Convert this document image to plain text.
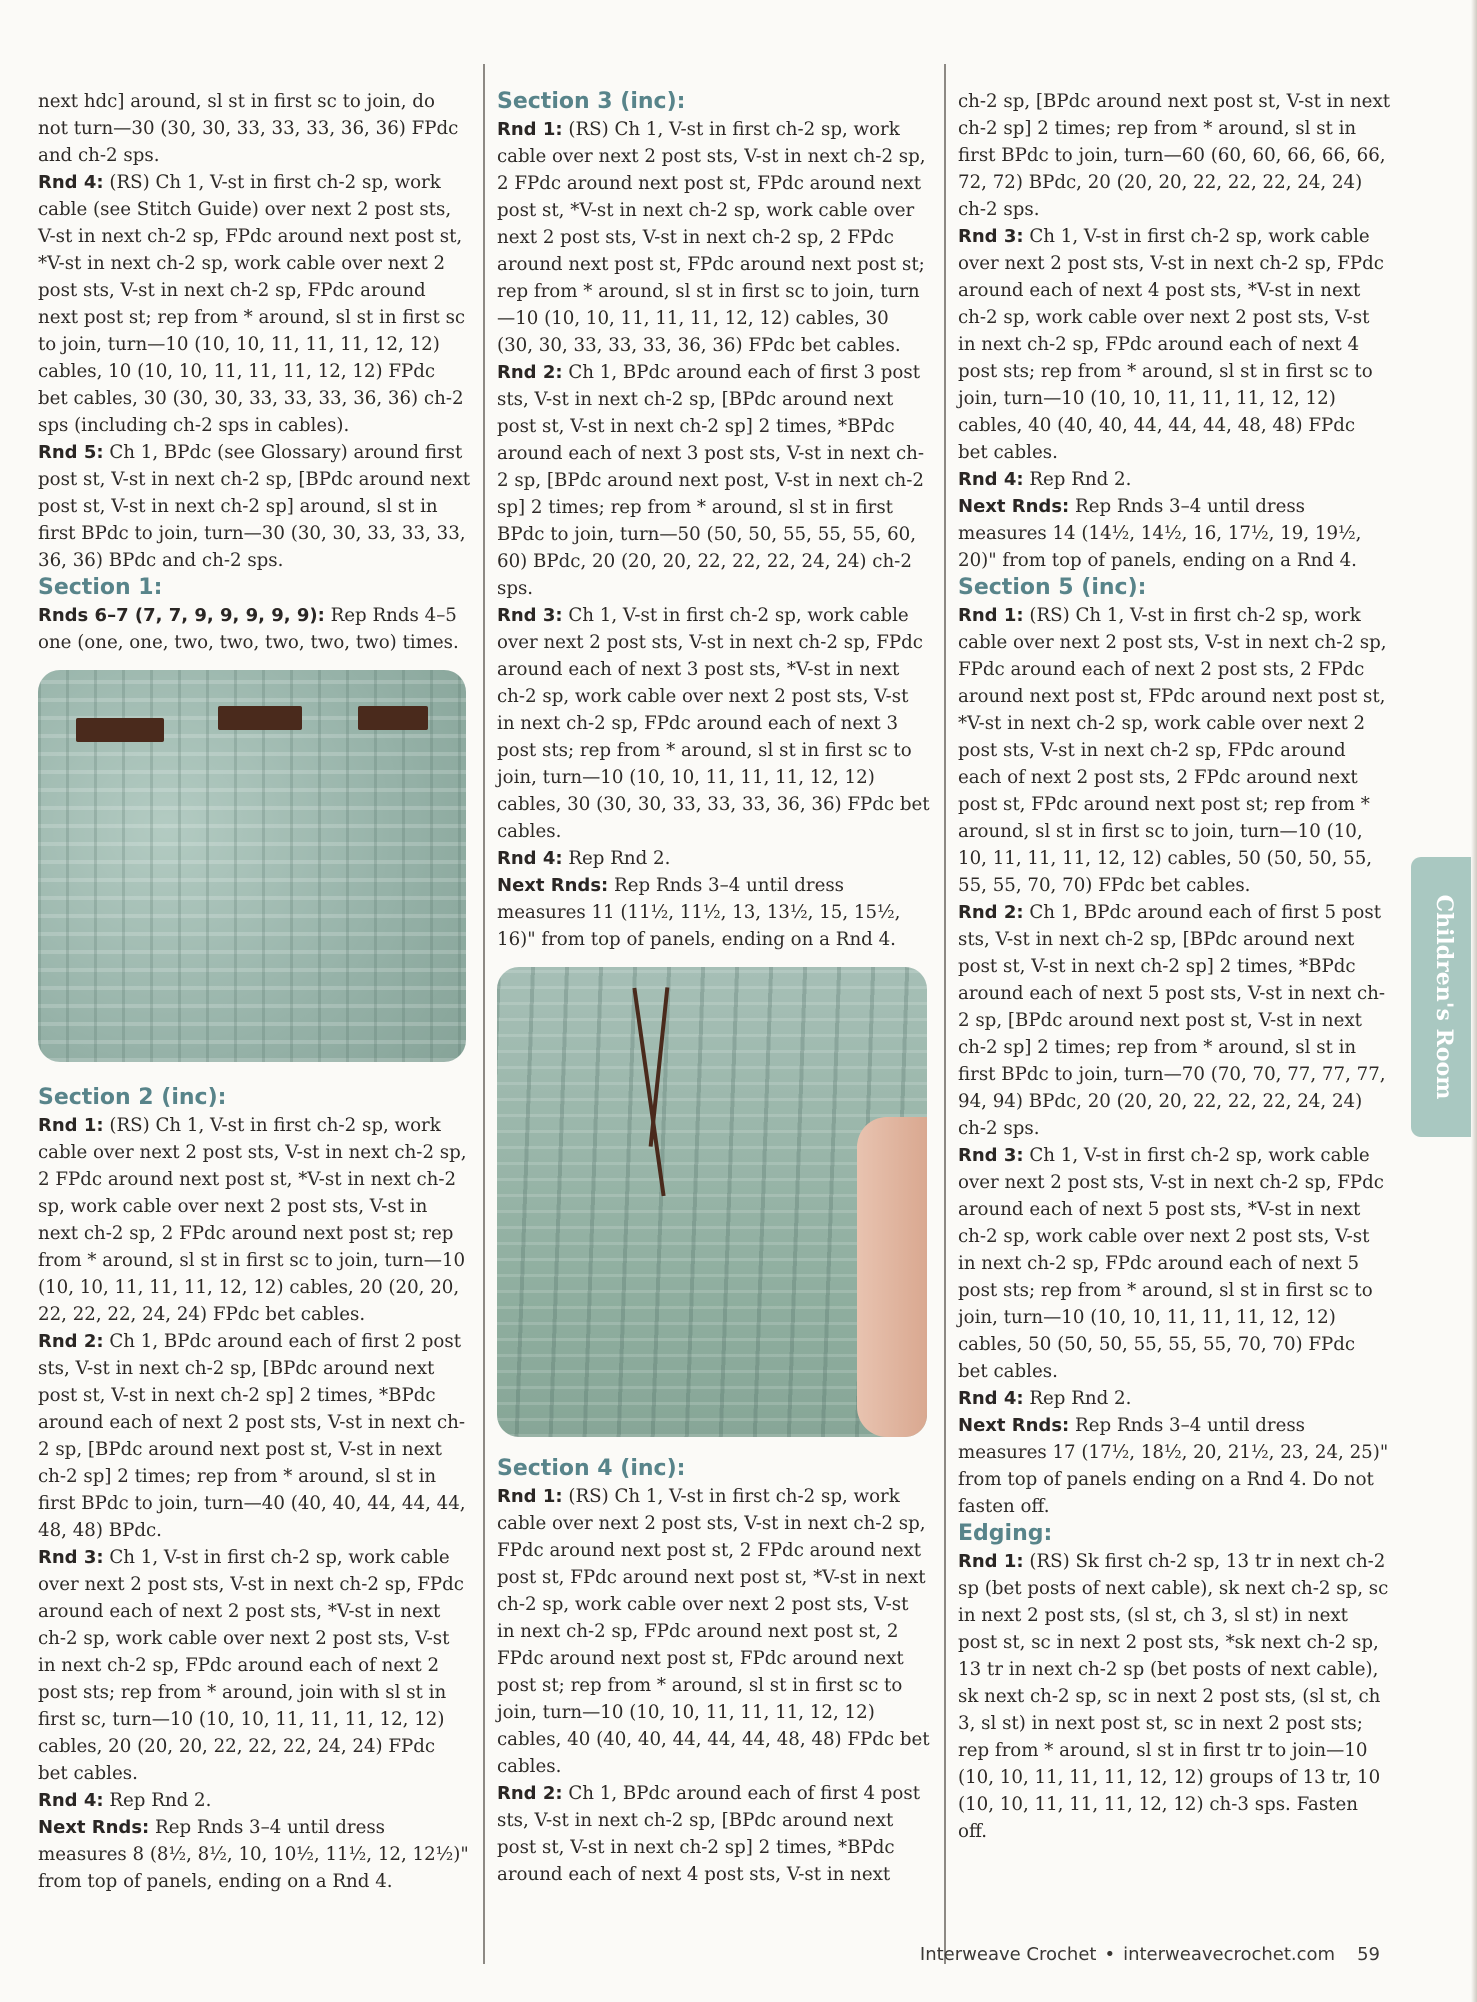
next hdc] around, sl st in first sc to join, do not turn—30 (30, 30, 33, 33, 33, 36, 36) FPdc and ch-2 sps.

Rnd 4: (RS) Ch 1, V-st in first ch-2 sp, work cable (see Stitch Guide) over next 2 post sts, V-st in next ch-2 sp, FPdc around next post st, *V-st in next ch-2 sp, work cable over next 2 post sts, V-st in next ch-2 sp, FPdc around next post st; rep from * around, sl st in first sc to join, turn—10 (10, 10, 11, 11, 11, 12, 12) cables, 10 (10, 10, 11, 11, 11, 12, 12) FPdc bet cables, 30 (30, 30, 33, 33, 33, 36, 36) ch-2 sps (including ch-2 sps in cables).

Rnd 5: Ch 1, BPdc (see Glossary) around first post st, V-st in next ch-2 sp, [BPdc around next post st, V-st in next ch-2 sp] around, sl st in first BPdc to join, turn—30 (30, 30, 33, 33, 33, 36, 36) BPdc and ch-2 sps.

Section 1:

Rnds 6–7 (7, 7, 9, 9, 9, 9, 9): Rep Rnds 4–5 one (one, one, two, two, two, two, two) times.

Section 2 (inc):

Rnd 1: (RS) Ch 1, V-st in first ch-2 sp, work cable over next 2 post sts, V-st in next ch-2 sp, 2 FPdc around next post st, *V-st in next ch-2 sp, work cable over next 2 post sts, V-st in next ch-2 sp, 2 FPdc around next post st; rep from * around, sl st in first sc to join, turn—10 (10, 10, 11, 11, 11, 12, 12) cables, 20 (20, 20, 22, 22, 22, 24, 24) FPdc bet cables.

Rnd 2: Ch 1, BPdc around each of first 2 post sts, V-st in next ch-2 sp, [BPdc around next post st, V-st in next ch-2 sp] 2 times, *BPdc around each of next 2 post sts, V-st in next ch-2 sp, [BPdc around next post st, V-st in next ch-2 sp] 2 times; rep from * around, sl st in first BPdc to join, turn—40 (40, 40, 44, 44, 44, 48, 48) BPdc.

Rnd 3: Ch 1, V-st in first ch-2 sp, work cable over next 2 post sts, V-st in next ch-2 sp, FPdc around each of next 2 post sts, *V-st in next ch-2 sp, work cable over next 2 post sts, V-st in next ch-2 sp, FPdc around each of next 2 post sts; rep from * around, join with sl st in first sc, turn—10 (10, 10, 11, 11, 11, 12, 12) cables, 20 (20, 20, 22, 22, 22, 24, 24) FPdc bet cables.

Rnd 4: Rep Rnd 2.

Next Rnds: Rep Rnds 3–4 until dress measures 8 (8½, 8½, 10, 10½, 11½, 12, 12½)" from top of panels, ending on a Rnd 4.

Section 3 (inc):

Rnd 1: (RS) Ch 1, V-st in first ch-2 sp, work cable over next 2 post sts, V-st in next ch-2 sp, 2 FPdc around next post st, FPdc around next post st, *V-st in next ch-2 sp, work cable over next 2 post sts, V-st in next ch-2 sp, 2 FPdc around next post st, FPdc around next post st; rep from * around, sl st in first sc to join, turn—10 (10, 10, 11, 11, 11, 12, 12) cables, 30 (30, 30, 33, 33, 33, 36, 36) FPdc bet cables.

Rnd 2: Ch 1, BPdc around each of first 3 post sts, V-st in next ch-2 sp, [BPdc around next post st, V-st in next ch-2 sp] 2 times, *BPdc around each of next 3 post sts, V-st in next ch-2 sp, [BPdc around next post, V-st in next ch-2 sp] 2 times; rep from * around, sl st in first BPdc to join, turn—50 (50, 50, 55, 55, 55, 60, 60) BPdc, 20 (20, 20, 22, 22, 22, 24, 24) ch-2 sps.

Rnd 3: Ch 1, V-st in first ch-2 sp, work cable over next 2 post sts, V-st in next ch-2 sp, FPdc around each of next 3 post sts, *V-st in next ch-2 sp, work cable over next 2 post sts, V-st in next ch-2 sp, FPdc around each of next 3 post sts; rep from * around, sl st in first sc to join, turn—10 (10, 10, 11, 11, 11, 12, 12) cables, 30 (30, 30, 33, 33, 33, 36, 36) FPdc bet cables.

Rnd 4: Rep Rnd 2.

Next Rnds: Rep Rnds 3–4 until dress measures 11 (11½, 11½, 13, 13½, 15, 15½, 16)" from top of panels, ending on a Rnd 4.

Section 4 (inc):

Rnd 1: (RS) Ch 1, V-st in first ch-2 sp, work cable over next 2 post sts, V-st in next ch-2 sp, FPdc around next post st, 2 FPdc around next post st, FPdc around next post st, *V-st in next ch-2 sp, work cable over next 2 post sts, V-st in next ch-2 sp, FPdc around next post st, 2 FPdc around next post st, FPdc around next post st; rep from * around, sl st in first sc to join, turn—10 (10, 10, 11, 11, 11, 12, 12) cables, 40 (40, 40, 44, 44, 44, 48, 48) FPdc bet cables.

Rnd 2: Ch 1, BPdc around each of first 4 post sts, V-st in next ch-2 sp, [BPdc around next post st, V-st in next ch-2 sp] 2 times, *BPdc around each of next 4 post sts, V-st in next

ch-2 sp, [BPdc around next post st, V-st in next ch-2 sp] 2 times; rep from * around, sl st in first BPdc to join, turn—60 (60, 60, 66, 66, 66, 72, 72) BPdc, 20 (20, 20, 22, 22, 22, 24, 24) ch-2 sps.

Rnd 3: Ch 1, V-st in first ch-2 sp, work cable over next 2 post sts, V-st in next ch-2 sp, FPdc around each of next 4 post sts, *V-st in next ch-2 sp, work cable over next 2 post sts, V-st in next ch-2 sp, FPdc around each of next 4 post sts; rep from * around, sl st in first sc to join, turn—10 (10, 10, 11, 11, 11, 12, 12) cables, 40 (40, 40, 44, 44, 44, 48, 48) FPdc bet cables.

Rnd 4: Rep Rnd 2.

Next Rnds: Rep Rnds 3–4 until dress measures 14 (14½, 14½, 16, 17½, 19, 19½, 20)" from top of panels, ending on a Rnd 4.

Section 5 (inc):

Rnd 1: (RS) Ch 1, V-st in first ch-2 sp, work cable over next 2 post sts, V-st in next ch-2 sp, FPdc around each of next 2 post sts, 2 FPdc around next post st, FPdc around next post st, *V-st in next ch-2 sp, work cable over next 2 post sts, V-st in next ch-2 sp, FPdc around each of next 2 post sts, 2 FPdc around next post st, FPdc around next post st; rep from * around, sl st in first sc to join, turn—10 (10, 10, 11, 11, 11, 12, 12) cables, 50 (50, 50, 55, 55, 55, 70, 70) FPdc bet cables.

Rnd 2: Ch 1, BPdc around each of first 5 post sts, V-st in next ch-2 sp, [BPdc around next post st, V-st in next ch-2 sp] 2 times, *BPdc around each of next 5 post sts, V-st in next ch-2 sp, [BPdc around next post st, V-st in next ch-2 sp] 2 times; rep from * around, sl st in first BPdc to join, turn—70 (70, 70, 77, 77, 77, 94, 94) BPdc, 20 (20, 20, 22, 22, 22, 24, 24) ch-2 sps.

Rnd 3: Ch 1, V-st in first ch-2 sp, work cable over next 2 post sts, V-st in next ch-2 sp, FPdc around each of next 5 post sts, *V-st in next ch-2 sp, work cable over next 2 post sts, V-st in next ch-2 sp, FPdc around each of next 5 post sts; rep from * around, sl st in first sc to join, turn—10 (10, 10, 11, 11, 11, 12, 12) cables, 50 (50, 50, 55, 55, 55, 70, 70) FPdc bet cables.

Rnd 4: Rep Rnd 2.

Next Rnds: Rep Rnds 3–4 until dress measures 17 (17½, 18½, 20, 21½, 23, 24, 25)" from top of panels ending on a Rnd 4. Do not fasten off.

Edging:

Rnd 1: (RS) Sk first ch-2 sp, 13 tr in next ch-2 sp (bet posts of next cable), sk next ch-2 sp, sc in next 2 post sts, (sl st, ch 3, sl st) in next post st, sc in next 2 post sts, *sk next ch-2 sp, 13 tr in next ch-2 sp (bet posts of next cable), sk next ch-2 sp, sc in next 2 post sts, (sl st, ch 3, sl st) in next post st, sc in next 2 post sts; rep from * around, sl st in first tr to join—10 (10, 10, 11, 11, 11, 12, 12) groups of 13 tr, 10 (10, 10, 11, 11, 11, 12, 12) ch-3 sps. Fasten off.

Children's Room
Interweave Crochet • interweavecrochet.com 59
